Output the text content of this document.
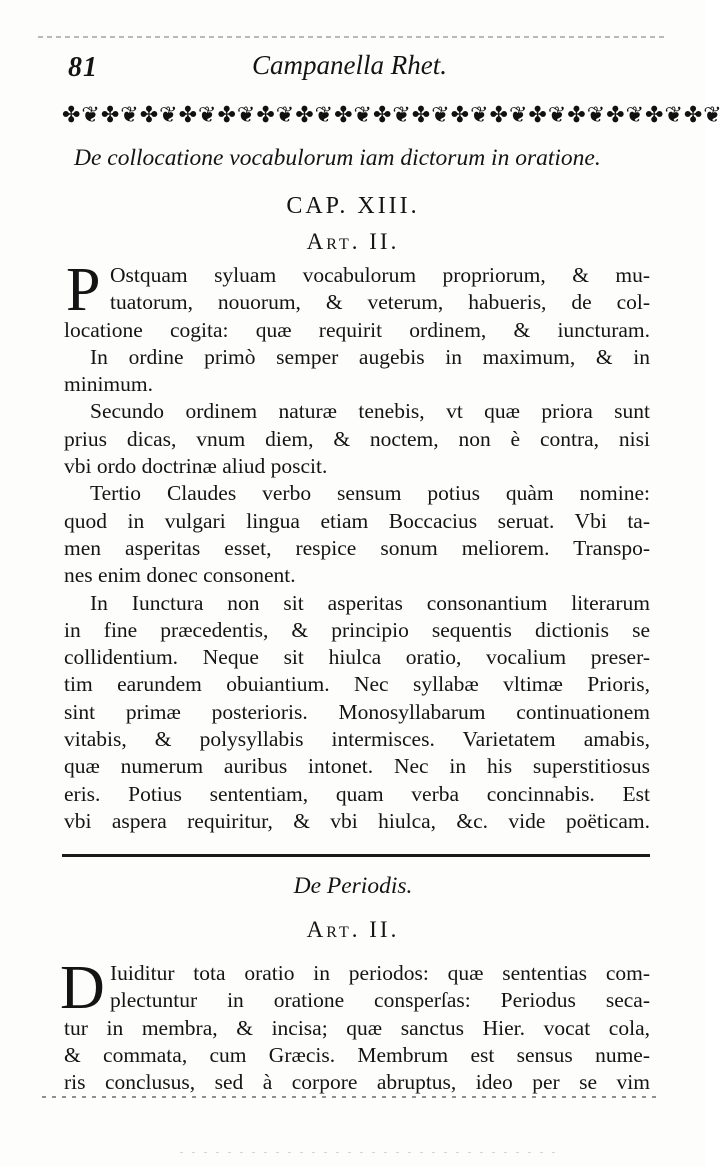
81	Campanella Rhet.
✤❦✤❦✤❦✤❦✤❦✤❦✤❦✤❦✤❦✤❦✤❦✤❦✤❦✤❦✤❦✤❦✤❦
De collocatione vocabulorum iam dictorum in oratione.
CAP. XIII.
Art. II.
P Ostquam syluam vocabulorum propriorum, & mu-
tuatorum, nouorum, & veterum, habueris, de col-
locatione cogita: quæ requirit ordinem, & iuncturam.
In ordine primò semper augebis in maximum, & in
minimum.
Secundo ordinem naturæ tenebis, vt quæ priora sunt
prius dicas, vnum diem, & noctem, non è contra, nisi
vbi ordo doctrinæ aliud poscit.
Tertio Claudes verbo sensum potius quàm nomine:
quod in vulgari lingua etiam Boccacius seruat. Vbi ta-
men asperitas esset, respice sonum meliorem. Transpo-
nes enim donec consonent.
In Iunctura non sit asperitas consonantium literarum
in fine præcedentis, & principio sequentis dictionis se
collidentium. Neque sit hiulca oratio, vocalium preser-
tim earundem obuiantium. Nec syllabæ vltimæ Prioris,
sint primæ posterioris. Monosyllabarum continuationem
vitabis, & polysyllabis intermisces. Varietatem amabis,
quæ numerum auribus intonet. Nec in his superstitiosus
eris. Potius sententiam, quam verba concinnabis. Est
vbi aspera requiritur, & vbi hiulca, &c. vide poëticam.
De Periodis.
Art. II.
D Iuiditur tota oratio in periodos: quæ sententias com-
plectuntur in oratione consperſas: Periodus seca-
tur in membra, & incisa; quæ sanctus Hier. vocat cola,
& commata, cum Græcis. Membrum est sensus nume-
ris conclusus, sed à corpore abruptus, ideo per se vim
